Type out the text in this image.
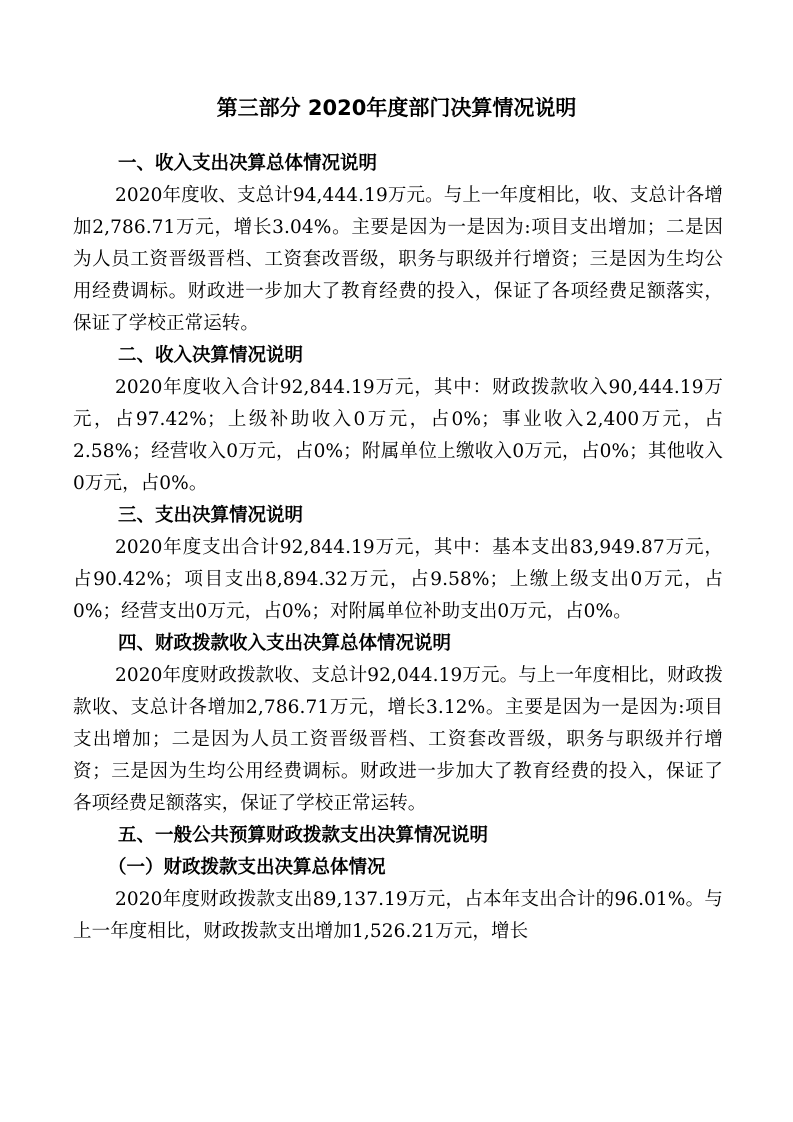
第三部分 2020年度部门决算情况说明
一、收入支出决算总体情况说明

2020年度收、支总计94,444.19万元。与上一年度相比，收、支总计各增加2,786.71万元，增长3.04%。主要是因为一是因为:项目支出增加；二是因为人员工资晋级晋档、工资套改晋级，职务与职级并行增资；三是因为生均公用经费调标。财政进一步加大了教育经费的投入，保证了各项经费足额落实，保证了学校正常运转。

二、收入决算情况说明

2020年度收入合计92,844.19万元，其中：财政拨款收入90,444.19万元，占97.42%；上级补助收入0万元，占0%；事业收入2,400万元，占2.58%；经营收入0万元，占0%；附属单位上缴收入0万元，占0%；其他收入0万元，占0%。

三、支出决算情况说明

2020年度支出合计92,844.19万元，其中：基本支出83,949.87万元，占90.42%；项目支出8,894.32万元，占9.58%；上缴上级支出0万元，占0%；经营支出0万元，占0%；对附属单位补助支出0万元，占0%。

四、财政拨款收入支出决算总体情况说明

2020年度财政拨款收、支总计92,044.19万元。与上一年度相比，财政拨款收、支总计各增加2,786.71万元，增长3.12%。主要是因为一是因为:项目支出增加；二是因为人员工资晋级晋档、工资套改晋级，职务与职级并行增资；三是因为生均公用经费调标。财政进一步加大了教育经费的投入，保证了各项经费足额落实，保证了学校正常运转。

五、一般公共预算财政拨款支出决算情况说明
（一）财政拨款支出决算总体情况

2020年度财政拨款支出89,137.19万元，占本年支出合计的96.01%。与上一年度相比，财政拨款支出增加1,526.21万元，增长
